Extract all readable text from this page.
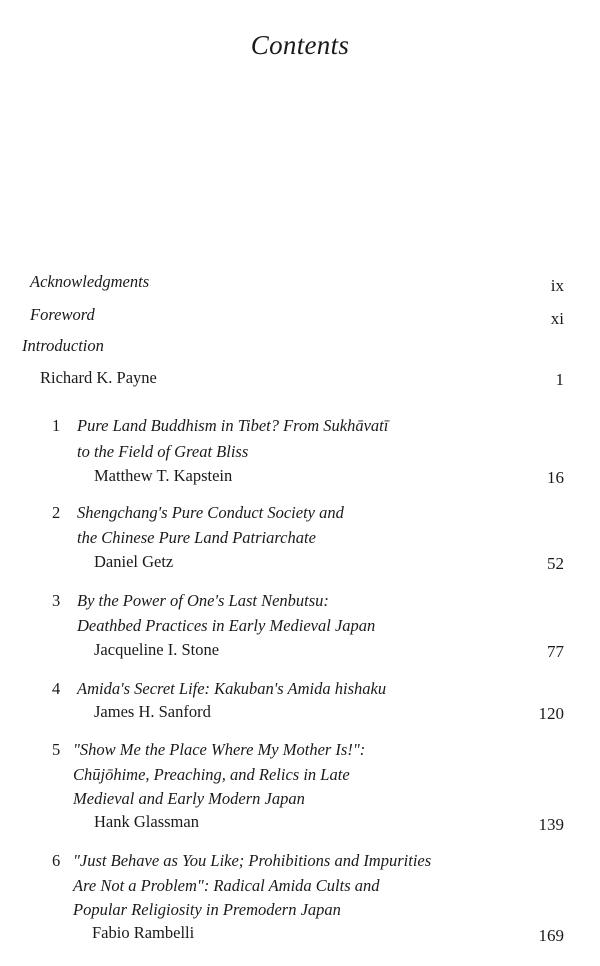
Contents
Acknowledgments	ix
Foreword	xi
Introduction
Richard K. Payne	1
1 Pure Land Buddhism in Tibet? From Sukhāvatī
to the Field of Great Bliss
Matthew T. Kapstein	16
2 Shengchang's Pure Conduct Society and
the Chinese Pure Land Patriarchate
Daniel Getz	52
3 By the Power of One's Last Nenbutsu:
Deathbed Practices in Early Medieval Japan
Jacqueline I. Stone	77
4 Amida's Secret Life: Kakuban's Amida hishaku
James H. Sanford	120
5 "Show Me the Place Where My Mother Is!":
Chūjōhime, Preaching, and Relics in Late
Medieval and Early Modern Japan
Hank Glassman	139
6 "Just Behave as You Like; Prohibitions and Impurities
Are Not a Problem": Radical Amida Cults and
Popular Religiosity in Premodern Japan
Fabio Rambelli	169
